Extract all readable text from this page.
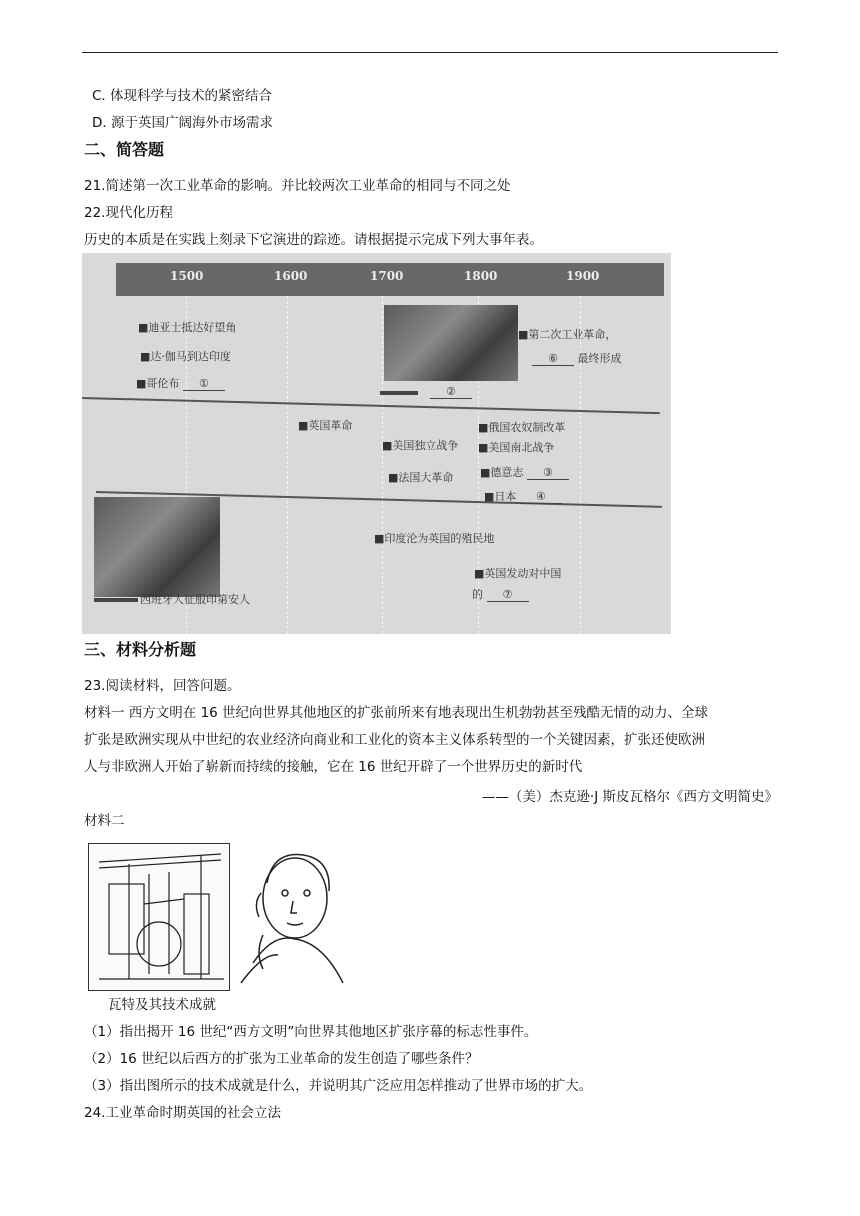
C. 体现科学与技术的紧密结合
D. 源于英国广阔海外市场需求
二、简答题
21.简述第一次工业革命的影响。并比较两次工业革命的相同与不同之处
22.现代化历程
历史的本质是在实践上刻录下它演进的踪迹。请根据提示完成下列大事年表。
1500	1600	1700	1800	1900
■迪亚士抵达好望角
■达·伽马到达印度
■哥伦布 ①
②
■第二次工业革命，
⑥ 最终形成
■英国革命
■美国独立战争
■法国大革命
■俄国农奴制改革
■美国南北战争
■德意志 ③
■日本 ④
西班牙人征服印第安人
■印度沦为英国的殖民地
■英国发动对中国
的 ⑦
三、材料分析题
23.阅读材料，回答问题。
材料一 西方文明在 16 世纪向世界其他地区的扩张前所来有地表现出生机勃勃甚至残酷无情的动力、全球
扩张是欧洲实现从中世纪的农业经济向商业和工业化的资本主义体系转型的一个关键因素，扩张还使欧洲
人与非欧洲人开始了崭新而持续的接触，它在 16 世纪开辟了一个世界历史的新时代
——（美）杰克逊·J 斯皮瓦格尔《西方文明简史》
材料二
瓦特及其技术成就
（1）指出揭开 16 世纪“西方文明”向世界其他地区扩张序幕的标志性事件。
（2）16 世纪以后西方的扩张为工业革命的发生创造了哪些条件？
（3）指出图所示的技术成就是什么，并说明其广泛应用怎样推动了世界市场的扩大。
24.工业革命时期英国的社会立法
